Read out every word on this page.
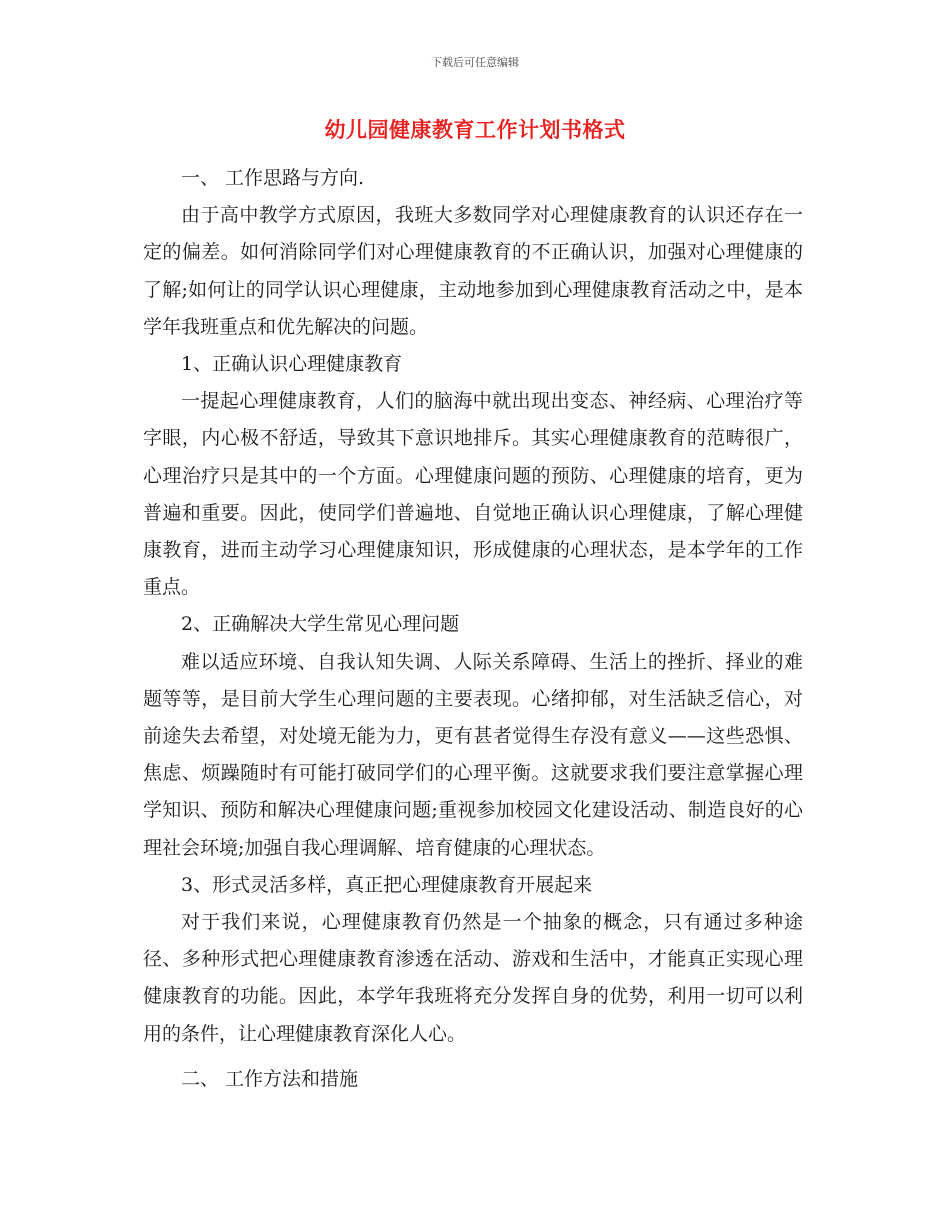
下载后可任意编辑
幼儿园健康教育工作计划书格式

一、 工作思路与方向.

由于高中教学方式原因，我班大多数同学对心理健康教育的认识还存在一定的偏差。如何消除同学们对心理健康教育的不正确认识，加强对心理健康的了解;如何让的同学认识心理健康，主动地参加到心理健康教育活动之中，是本学年我班重点和优先解决的问题。

1、正确认识心理健康教育

一提起心理健康教育，人们的脑海中就出现出变态、神经病、心理治疗等字眼，内心极不舒适，导致其下意识地排斥。其实心理健康教育的范畴很广，心理治疗只是其中的一个方面。心理健康问题的预防、心理健康的培育，更为普遍和重要。因此，使同学们普遍地、自觉地正确认识心理健康，了解心理健康教育，进而主动学习心理健康知识，形成健康的心理状态，是本学年的工作重点。

2、正确解决大学生常见心理问题

难以适应环境、自我认知失调、人际关系障碍、生活上的挫折、择业的难题等等，是目前大学生心理问题的主要表现。心绪抑郁，对生活缺乏信心，对前途失去希望，对处境无能为力，更有甚者觉得生存没有意义——这些恐惧、焦虑、烦躁随时有可能打破同学们的心理平衡。这就要求我们要注意掌握心理学知识、预防和解决心理健康问题;重视参加校园文化建设活动、制造良好的心理社会环境;加强自我心理调解、培育健康的心理状态。

3、形式灵活多样，真正把心理健康教育开展起来

对于我们来说，心理健康教育仍然是一个抽象的概念，只有通过多种途径、多种形式把心理健康教育渗透在活动、游戏和生活中，才能真正实现心理健康教育的功能。因此，本学年我班将充分发挥自身的优势，利用一切可以利用的条件，让心理健康教育深化人心。

二、 工作方法和措施
